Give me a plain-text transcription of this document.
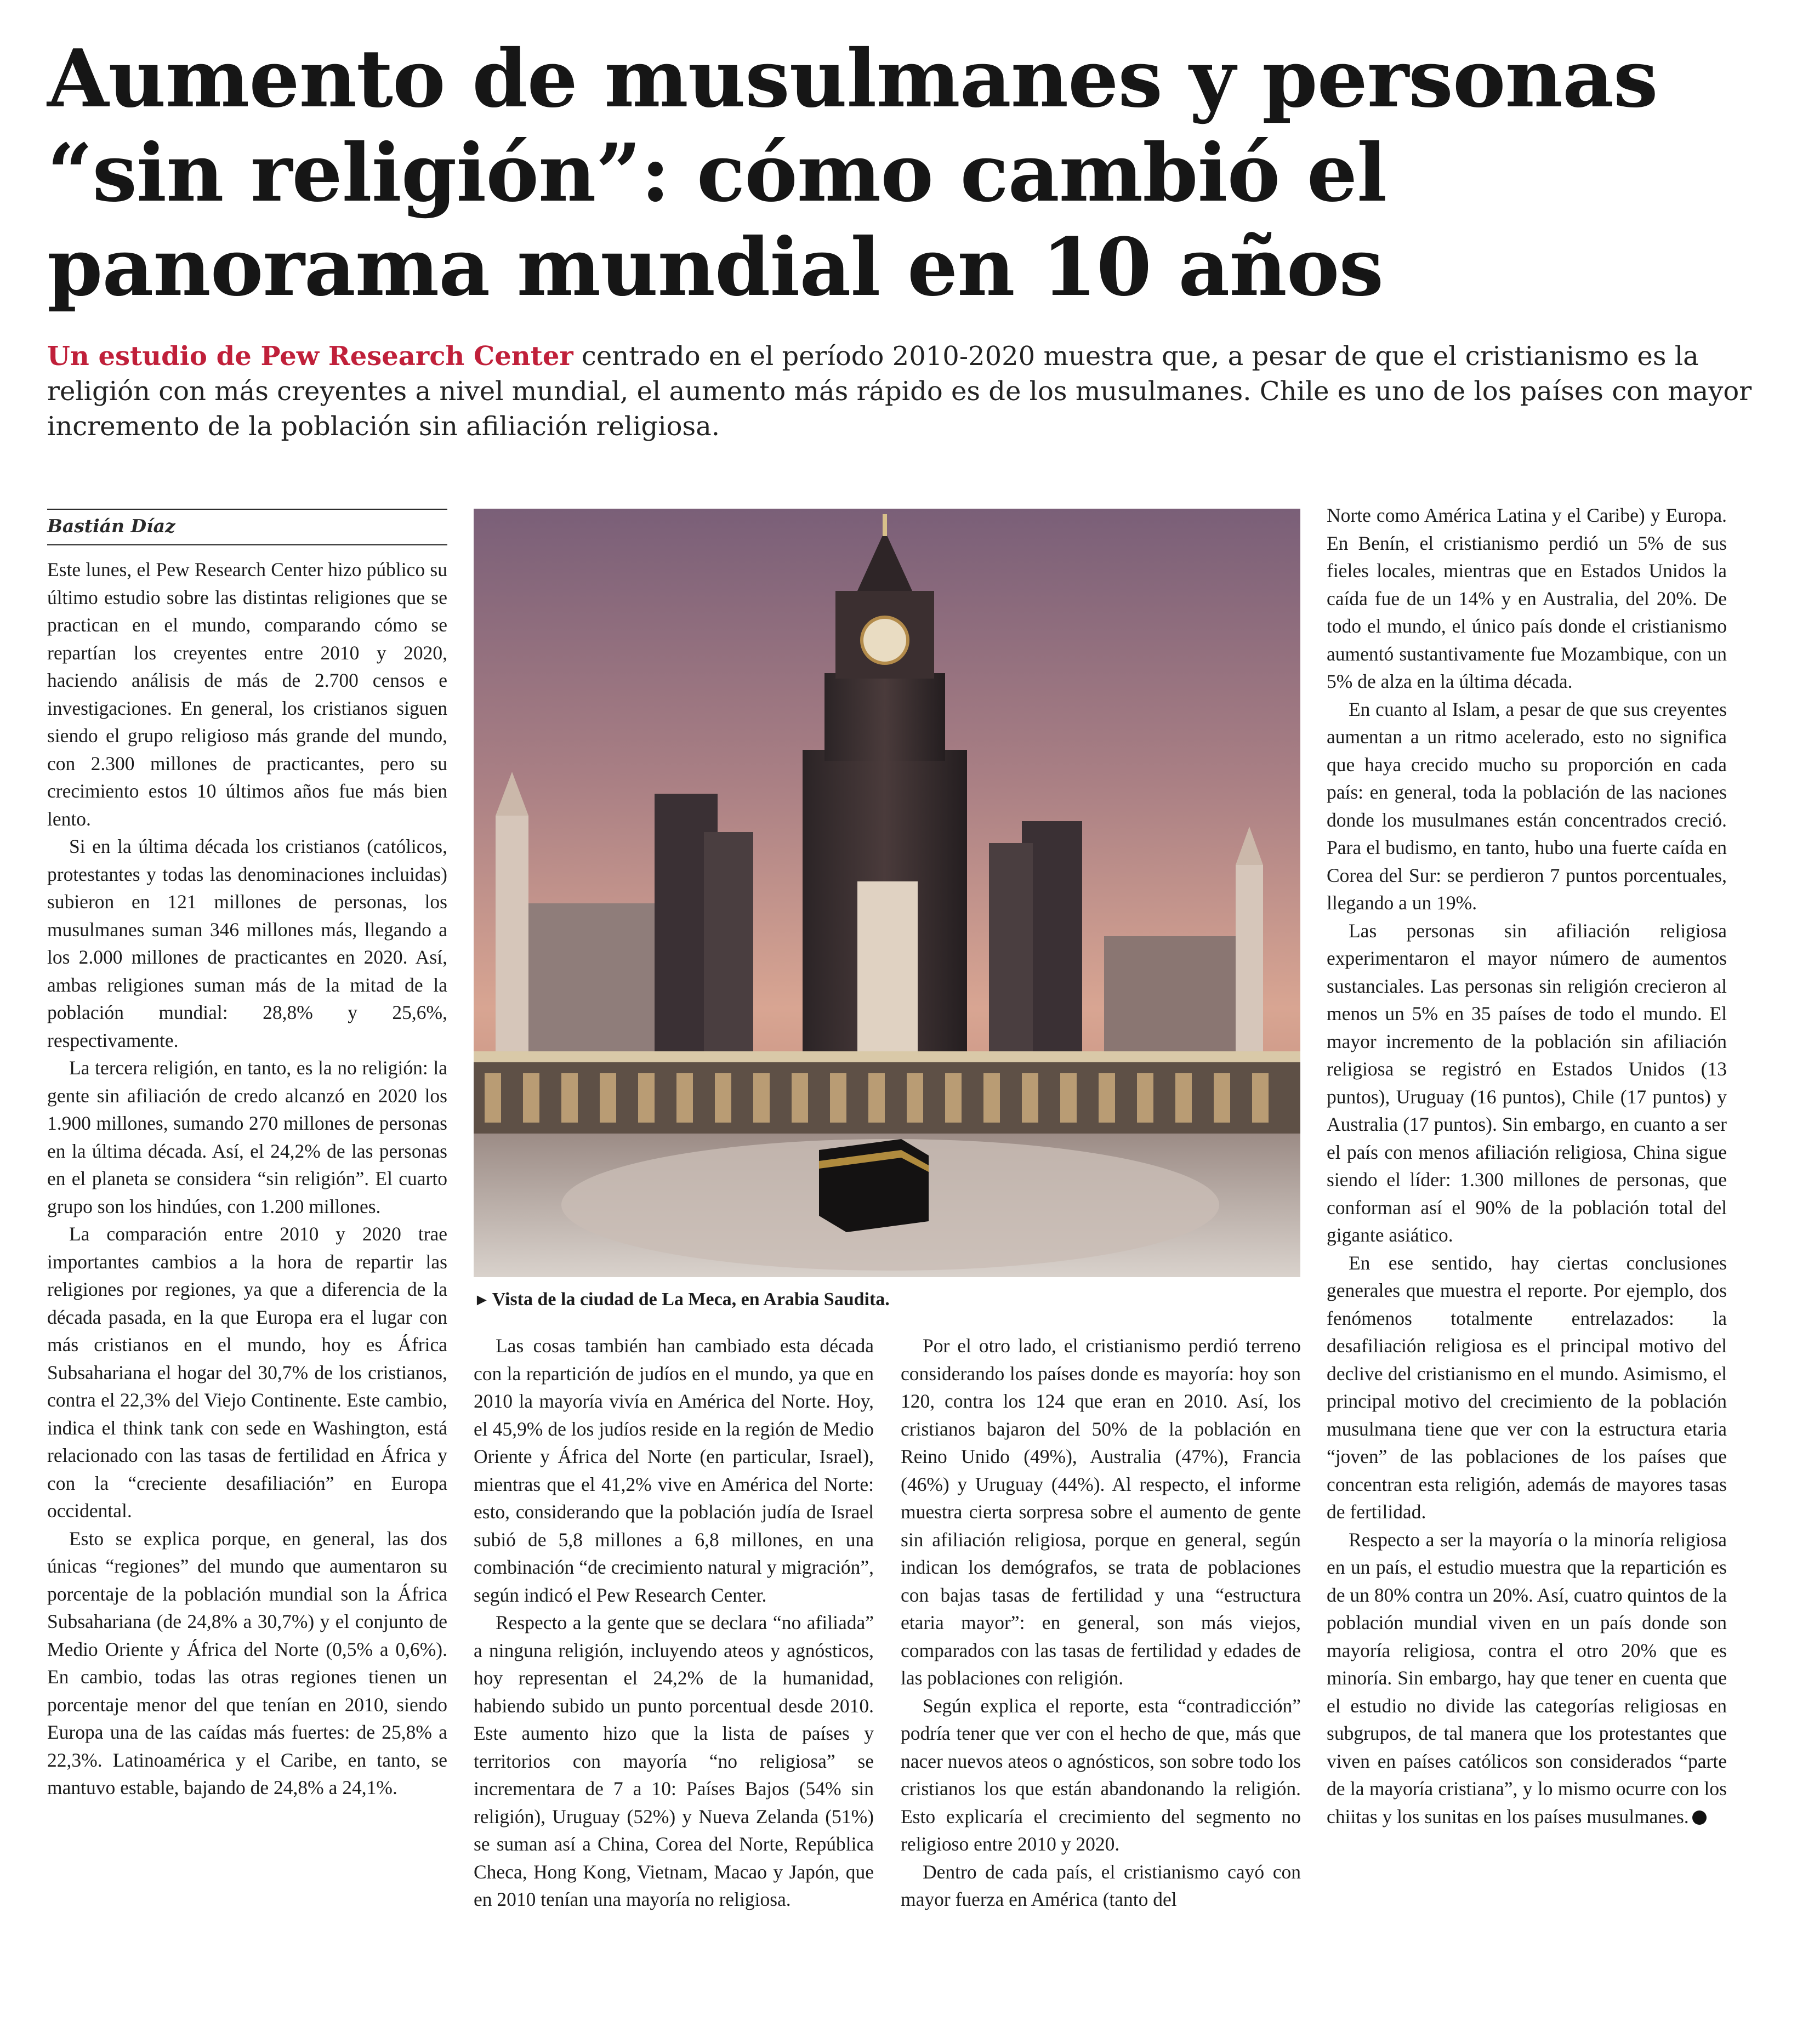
Aumento de musulmanes y personas “sin religión”: cómo cambió el panorama mundial en 10 años

Un estudio de Pew Research Center centrado en el período 2010-2020 muestra que, a pesar de que el cristianismo es la religión con más creyentes a nivel mundial, el aumento más rápido es de los musulmanes. Chile es uno de los países con mayor incremento de la población sin afiliación religiosa.

Bastián Díaz

Este lunes, el Pew Research Center hizo público su último estudio sobre las distintas religiones que se practican en el mundo, comparando cómo se repartían los creyentes entre 2010 y 2020, haciendo análisis de más de 2.700 censos e investigaciones. En general, los cristianos siguen siendo el grupo religioso más grande del mundo, con 2.300 millones de practicantes, pero su crecimiento estos 10 últimos años fue más bien lento.

Si en la última década los cristianos (católicos, protestantes y todas las denominaciones incluidas) subieron en 121 millones de personas, los musulmanes suman 346 millones más, llegando a los 2.000 millones de practicantes en 2020. Así, ambas religiones suman más de la mitad de la población mundial: 28,8% y 25,6%, respectivamente.

La tercera religión, en tanto, es la no religión: la gente sin afiliación de credo alcanzó en 2020 los 1.900 millones, sumando 270 millones de personas en la última década. Así, el 24,2% de las personas en el planeta se considera “sin religión”. El cuarto grupo son los hindúes, con 1.200 millones.

La comparación entre 2010 y 2020 trae importantes cambios a la hora de repartir las religiones por regiones, ya que a diferencia de la década pasada, en la que Europa era el lugar con más cristianos en el mundo, hoy es África Subsahariana el hogar del 30,7% de los cristianos, contra el 22,3% del Viejo Continente. Este cambio, indica el think tank con sede en Washington, está relacionado con las tasas de fertilidad en África y con la “creciente desafiliación” en Europa occidental.

Esto se explica porque, en general, las dos únicas “regiones” del mundo que aumentaron su porcentaje de la población mundial son la África Subsahariana (de 24,8% a 30,7%) y el conjunto de Medio Oriente y África del Norte (0,5% a 0,6%). En cambio, todas las otras regiones tienen un porcentaje menor del que tenían en 2010, siendo Europa una de las caídas más fuertes: de 25,8% a 22,3%. Latinoamérica y el Caribe, en tanto, se mantuvo estable, bajando de 24,8% a 24,1%.

► Vista de la ciudad de La Meca, en Arabia Saudita.

Las cosas también han cambiado esta década con la repartición de judíos en el mundo, ya que en 2010 la mayoría vivía en América del Norte. Hoy, el 45,9% de los judíos reside en la región de Medio Oriente y África del Norte (en particular, Israel), mientras que el 41,2% vive en América del Norte: esto, considerando que la población judía de Israel subió de 5,8 millones a 6,8 millones, en una combinación “de crecimiento natural y migración”, según indicó el Pew Research Center.

Respecto a la gente que se declara “no afiliada” a ninguna religión, incluyendo ateos y agnósticos, hoy representan el 24,2% de la humanidad, habiendo subido un punto porcentual desde 2010. Este aumento hizo que la lista de países y territorios con mayoría “no religiosa” se incrementara de 7 a 10: Países Bajos (54% sin religión), Uruguay (52%) y Nueva Zelanda (51%) se suman así a China, Corea del Norte, República Checa, Hong Kong, Vietnam, Macao y Japón, que en 2010 tenían una mayoría no religiosa.

Por el otro lado, el cristianismo perdió terreno considerando los países donde es mayoría: hoy son 120, contra los 124 que eran en 2010. Así, los cristianos bajaron del 50% de la población en Reino Unido (49%), Australia (47%), Francia (46%) y Uruguay (44%). Al respecto, el informe muestra cierta sorpresa sobre el aumento de gente sin afiliación religiosa, porque en general, según indican los demógrafos, se trata de poblaciones con bajas tasas de fertilidad y una “estructura etaria mayor”: en general, son más viejos, comparados con las tasas de fertilidad y edades de las poblaciones con religión.

Según explica el reporte, esta “contradicción” podría tener que ver con el hecho de que, más que nacer nuevos ateos o agnósticos, son sobre todo los cristianos los que están abandonando la religión. Esto explicaría el crecimiento del segmento no religioso entre 2010 y 2020.

Dentro de cada país, el cristianismo cayó con mayor fuerza en América (tanto del

Norte como América Latina y el Caribe) y Europa. En Benín, el cristianismo perdió un 5% de sus fieles locales, mientras que en Estados Unidos la caída fue de un 14% y en Australia, del 20%. De todo el mundo, el único país donde el cristianismo aumentó sustantivamente fue Mozambique, con un 5% de alza en la última década.

En cuanto al Islam, a pesar de que sus creyentes aumentan a un ritmo acelerado, esto no significa que haya crecido mucho su proporción en cada país: en general, toda la población de las naciones donde los musulmanes están concentrados creció. Para el budismo, en tanto, hubo una fuerte caída en Corea del Sur: se perdieron 7 puntos porcentuales, llegando a un 19%.

Las personas sin afiliación religiosa experimentaron el mayor número de aumentos sustanciales. Las personas sin religión crecieron al menos un 5% en 35 países de todo el mundo. El mayor incremento de la población sin afiliación religiosa se registró en Estados Unidos (13 puntos), Uruguay (16 puntos), Chile (17 puntos) y Australia (17 puntos). Sin embargo, en cuanto a ser el país con menos afiliación religiosa, China sigue siendo el líder: 1.300 millones de personas, que conforman así el 90% de la población total del gigante asiático.

En ese sentido, hay ciertas conclusiones generales que muestra el reporte. Por ejemplo, dos fenómenos totalmente entrelazados: la desafiliación religiosa es el principal motivo del declive del cristianismo en el mundo. Asimismo, el principal motivo del crecimiento de la población musulmana tiene que ver con la estructura etaria “joven” de las poblaciones de los países que concentran esta religión, además de mayores tasas de fertilidad.

Respecto a ser la mayoría o la minoría religiosa en un país, el estudio muestra que la repartición es de un 80% contra un 20%. Así, cuatro quintos de la población mundial viven en un país donde son mayoría religiosa, contra el otro 20% que es minoría. Sin embargo, hay que tener en cuenta que el estudio no divide las categorías religiosas en subgrupos, de tal manera que los protestantes que viven en países católicos son considerados “parte de la mayoría cristiana”, y lo mismo ocurre con los chiitas y los sunitas en los países musulmanes.
